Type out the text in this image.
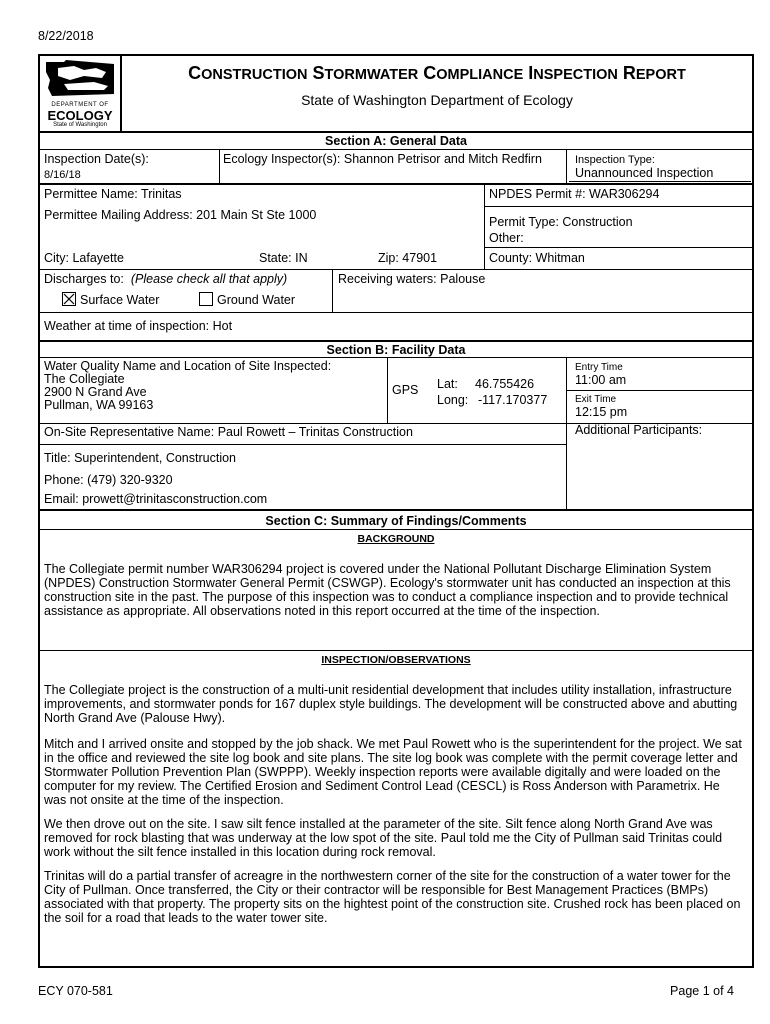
8/22/2018
DEPARTMENT OF
ECOLOGY
State of Washington
CONSTRUCTION STORMWATER COMPLIANCE INSPECTION REPORT
State of Washington Department of Ecology
Section A: General Data
Inspection Date(s):
8/16/18
Ecology Inspector(s): Shannon Petrisor and Mitch Redfirn	Inspection Type:
Unannounced Inspection
Permittee Name: Trinitas	NPDES Permit #: WAR306294
Permittee Mailing Address: 201 Main St Ste 1000	Permit Type: Construction
Other:
City: Lafayette	State: IN	Zip: 47901	County: Whitman
Discharges to: (Please check all that apply)	Receiving waters: Palouse
Surface Water	Ground Water
Weather at time of inspection: Hot
Section B: Facility Data
Water Quality Name and Location of Site Inspected:
The Collegiate
2900 N Grand Ave
Pullman, WA 99163
GPS Lat: 46.755426
Long: -117.170377
Entry Time
11:00 am
Exit Time
12:15 pm
On-Site Representative Name: Paul Rowett – Trinitas Construction	Additional Participants:
Title: Superintendent, Construction
Phone: (479) 320-9320
Email: prowett@trinitasconstruction.com
Section C: Summary of Findings/Comments
BACKGROUND
The Collegiate permit number WAR306294 project is covered under the National Pollutant Discharge Elimination System (NPDES) Construction Stormwater General Permit (CSWGP). Ecology's stormwater unit has conducted an inspection at this construction site in the past. The purpose of this inspection was to conduct a compliance inspection and to provide technical assistance as appropriate. All observations noted in this report occurred at the time of the inspection.
INSPECTION/OBSERVATIONS
The Collegiate project is the construction of a multi-unit residential development that includes utility installation, infrastructure improvements, and stormwater ponds for 167 duplex style buildings. The development will be constructed above and abutting North Grand Ave (Palouse Hwy).
Mitch and I arrived onsite and stopped by the job shack. We met Paul Rowett who is the superintendent for the project. We sat in the office and reviewed the site log book and site plans. The site log book was complete with the permit coverage letter and Stormwater Pollution Prevention Plan (SWPPP). Weekly inspection reports were available digitally and were loaded on the computer for my review. The Certified Erosion and Sediment Control Lead (CESCL) is Ross Anderson with Parametrix. He was not onsite at the time of the inspection.
We then drove out on the site. I saw silt fence installed at the parameter of the site. Silt fence along North Grand Ave was removed for rock blasting that was underway at the low spot of the site. Paul told me the City of Pullman said Trinitas could work without the silt fence installed in this location during rock removal.
Trinitas will do a partial transfer of acreagre in the northwestern corner of the site for the construction of a water tower for the City of Pullman. Once transferred, the City or their contractor will be responsible for Best Management Practices (BMPs) associated with that property. The property sits on the hightest point of the construction site. Crushed rock has been placed on the soil for a road that leads to the water tower site.
ECY 070-581	Page 1 of 4
